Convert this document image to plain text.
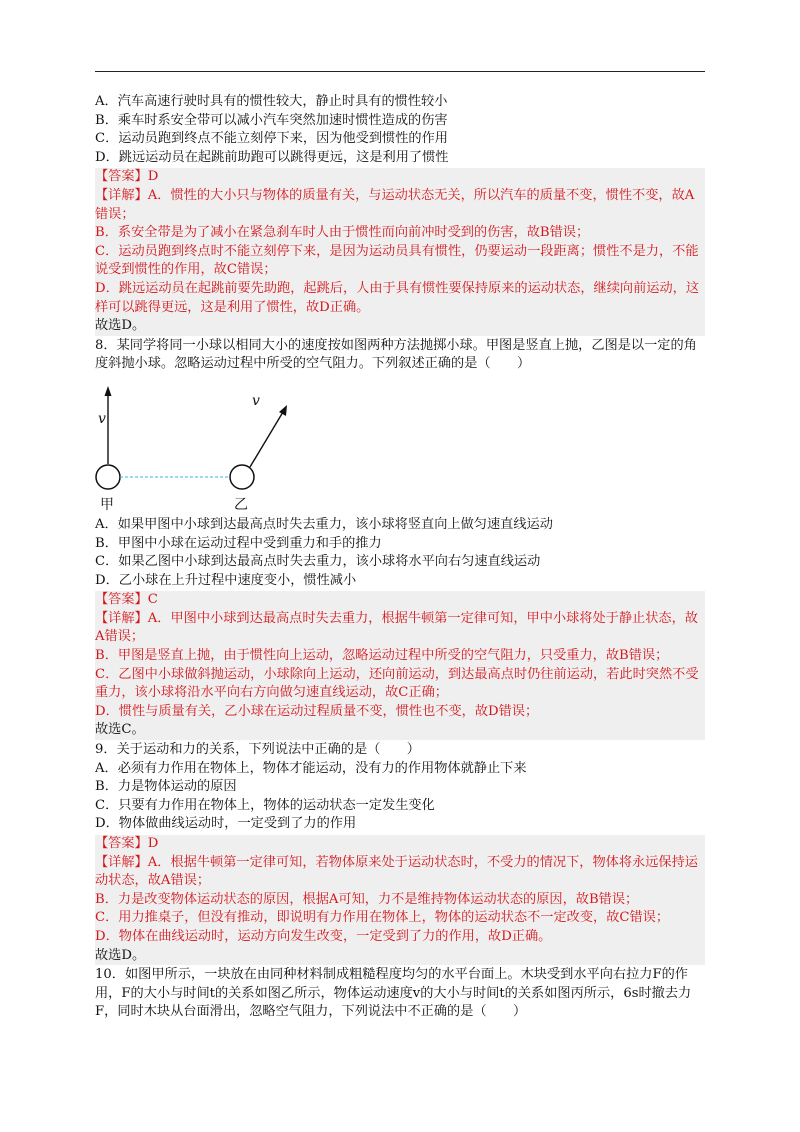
A．汽车高速行驶时具有的惯性较大，静止时具有的惯性较小
B．乘车时系安全带可以减小汽车突然加速时惯性造成的伤害
C．运动员跑到终点不能立刻停下来，因为他受到惯性的作用
D．跳远运动员在起跳前助跑可以跳得更远，这是利用了惯性
【答案】D
【详解】A．惯性的大小只与物体的质量有关，与运动状态无关，所以汽车的质量不变，惯性不变，故A错误；
B．系安全带是为了减小在紧急刹车时人由于惯性而向前冲时受到的伤害，故B错误；
C．运动员跑到终点时不能立刻停下来，是因为运动员具有惯性，仍要运动一段距离；惯性不是力，不能说受到惯性的作用，故C错误；
D．跳远运动员在起跳前要先助跑，起跳后，人由于具有惯性要保持原来的运动状态，继续向前运动，这样可以跳得更远，这是利用了惯性，故D正确。
故选D。
8．某同学将同一小球以相同大小的速度按如图两种方法抛掷小球。甲图是竖直上抛，乙图是以一定的角度斜抛小球。忽略运动过程中所受的空气阻力。下列叙述正确的是（　　）
v
v
甲	乙
A．如果甲图中小球到达最高点时失去重力，该小球将竖直向上做匀速直线运动
B．甲图中小球在运动过程中受到重力和手的推力
C．如果乙图中小球到达最高点时失去重力，该小球将水平向右匀速直线运动
D．乙小球在上升过程中速度变小，惯性减小
【答案】C
【详解】A．甲图中小球到达最高点时失去重力，根据牛顿第一定律可知，甲中小球将处于静止状态，故A错误；
B．甲图是竖直上抛，由于惯性向上运动，忽略运动过程中所受的空气阻力，只受重力，故B错误；
C．乙图中小球做斜抛运动，小球除向上运动，还向前运动，到达最高点时仍往前运动，若此时突然不受重力，该小球将沿水平向右方向做匀速直线运动，故C正确；
D．惯性与质量有关，乙小球在运动过程质量不变，惯性也不变，故D错误；
故选C。
9．关于运动和力的关系，下列说法中正确的是（　　）
A．必须有力作用在物体上，物体才能运动，没有力的作用物体就静止下来
B．力是物体运动的原因
C．只要有力作用在物体上，物体的运动状态一定发生变化
D．物体做曲线运动时，一定受到了力的作用
【答案】D
【详解】A．根据牛顿第一定律可知，若物体原来处于运动状态时，不受力的情况下，物体将永远保持运动状态，故A错误；
B．力是改变物体运动状态的原因，根据A可知，力不是维持物体运动状态的原因，故B错误；
C．用力推桌子，但没有推动，即说明有力作用在物体上，物体的运动状态不一定改变，故C错误；
D．物体在曲线运动时，运动方向发生改变，一定受到了力的作用，故D正确。
故选D。
10．如图甲所示，一块放在由同种材料制成粗糙程度均匀的水平台面上。木块受到水平向右拉力F的作用，F的大小与时间t的关系如图乙所示，物体运动速度v的大小与时间t的关系如图丙所示，6s时撤去力F，同时木块从台面滑出，忽略空气阻力，下列说法中不正确的是（　　）
